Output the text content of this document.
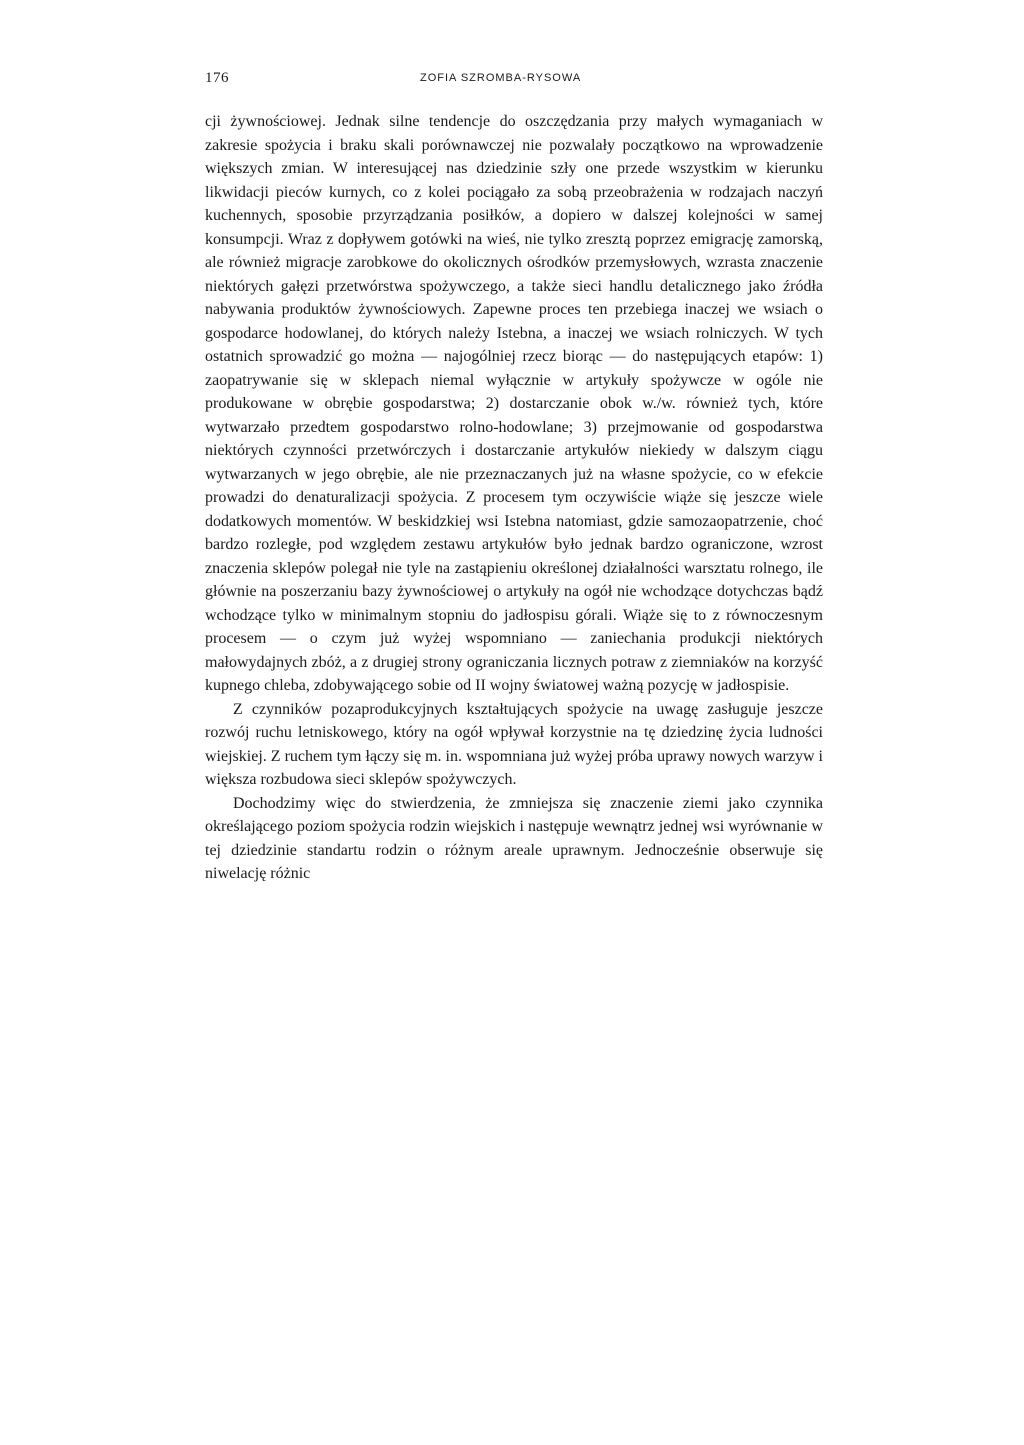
176	ZOFIA SZROMBA-RYSOWA

cji żywnościowej. Jednak silne tendencje do oszczędzania przy małych wymaganiach w zakresie spożycia i braku skali porównawczej nie pozwalały początkowo na wprowadzenie większych zmian. W interesującej nas dziedzinie szły one przede wszystkim w kierunku likwidacji pieców kurnych, co z kolei pociągało za sobą przeobrażenia w rodzajach naczyń kuchennych, sposobie przyrządzania posiłków, a dopiero w dalszej kolejności w samej konsumpcji. Wraz z dopływem gotówki na wieś, nie tylko zresztą poprzez emigrację zamorską, ale również migracje zarobkowe do okolicznych ośrodków przemysłowych, wzrasta znaczenie niektórych gałęzi przetwórstwa spożywczego, a także sieci handlu detalicznego jako źródła nabywania produktów żywnościowych. Zapewne proces ten przebiega inaczej we wsiach o gospodarce hodowlanej, do których należy Istebna, a inaczej we wsiach rolniczych. W tych ostatnich sprowadzić go można — najogólniej rzecz biorąc — do następujących etapów: 1) zaopatrywanie się w sklepach niemal wyłącznie w artykuły spożywcze w ogóle nie produkowane w obrębie gospodarstwa; 2) dostarczanie obok w./w. również tych, które wytwarzało przedtem gospodarstwo rolno-hodowlane; 3) przejmowanie od gospodarstwa niektórych czynności przetwórczych i dostarczanie artykułów niekiedy w dalszym ciągu wytwarzanych w jego obrębie, ale nie przeznaczanych już na własne spożycie, co w efekcie prowadzi do denaturalizacji spożycia. Z procesem tym oczywiście wiąże się jeszcze wiele dodatkowych momentów. W beskidzkiej wsi Istebna natomiast, gdzie samozaopatrzenie, choć bardzo rozległe, pod względem zestawu artykułów było jednak bardzo ograniczone, wzrost znaczenia sklepów polegał nie tyle na zastąpieniu określonej działalności warsztatu rolnego, ile głównie na poszerzaniu bazy żywnościowej o artykuły na ogół nie wchodzące dotychczas bądź wchodzące tylko w minimalnym stopniu do jadłospisu górali. Wiąże się to z równoczesnym procesem — o czym już wyżej wspomniano — zaniechania produkcji niektórych małowydajnych zbóż, a z drugiej strony ograniczania licznych potraw z ziemniaków na korzyść kupnego chleba, zdobywającego sobie od II wojny światowej ważną pozycję w jadłospisie.

Z czynników pozaprodukcyjnych kształtujących spożycie na uwagę zasługuje jeszcze rozwój ruchu letniskowego, który na ogół wpływał korzystnie na tę dziedzinę życia ludności wiejskiej. Z ruchem tym łączy się m. in. wspomniana już wyżej próba uprawy nowych warzyw i większa rozbudowa sieci sklepów spożywczych.

Dochodzimy więc do stwierdzenia, że zmniejsza się znaczenie ziemi jako czynnika określającego poziom spożycia rodzin wiejskich i następuje wewnątrz jednej wsi wyrównanie w tej dziedzinie standartu rodzin o różnym areale uprawnym. Jednocześnie obserwuje się niwelację różnic
